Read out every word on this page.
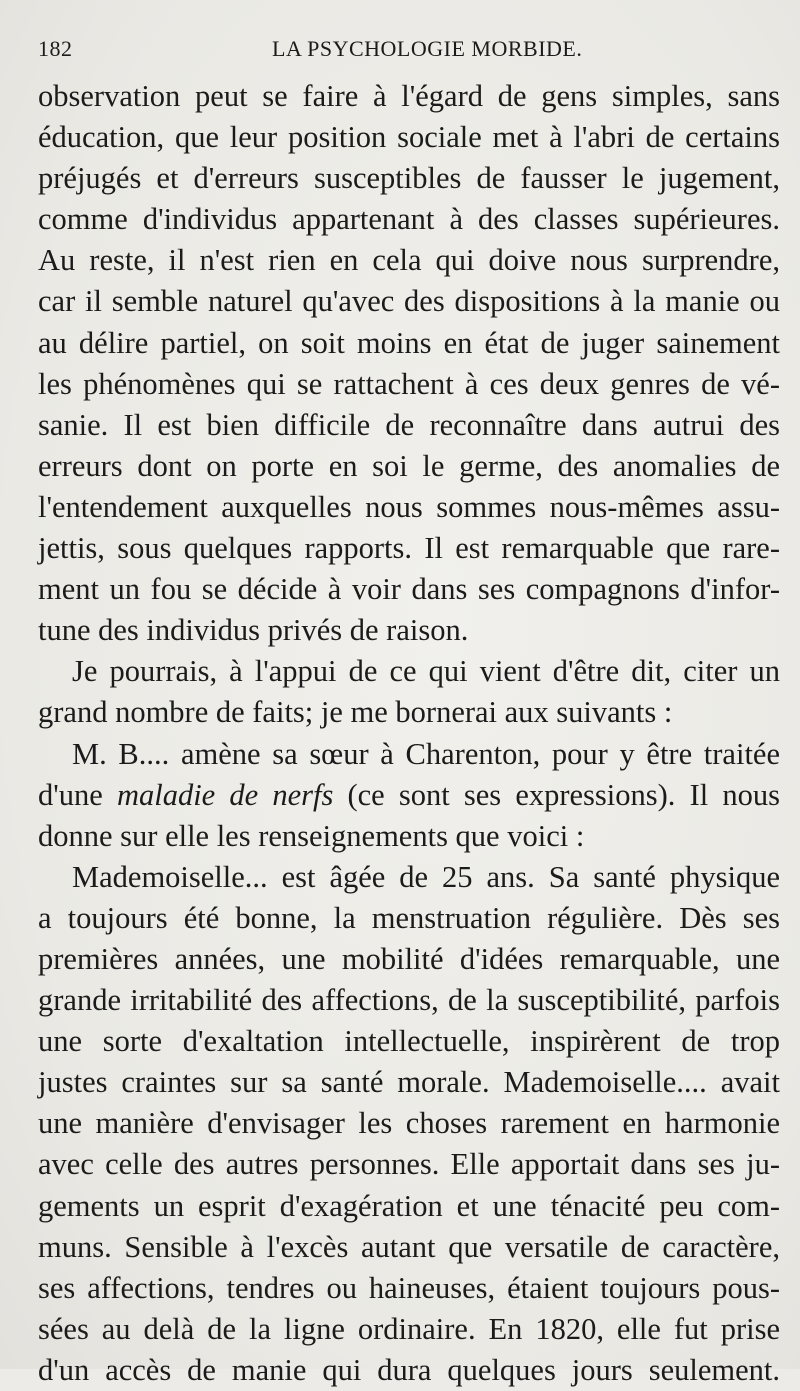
182	LA PSYCHOLOGIE MORBIDE.
observation peut se faire à l'égard de gens simples, sans
éducation, que leur position sociale met à l'abri de certains
préjugés et d'erreurs susceptibles de fausser le jugement,
comme d'individus appartenant à des classes supérieures.
Au reste, il n'est rien en cela qui doive nous surprendre,
car il semble naturel qu'avec des dispositions à la manie ou
au délire partiel, on soit moins en état de juger sainement
les phénomènes qui se rattachent à ces deux genres de vé-
sanie. Il est bien difficile de reconnaître dans autrui des
erreurs dont on porte en soi le germe, des anomalies de
l'entendement auxquelles nous sommes nous-mêmes assu-
jettis, sous quelques rapports. Il est remarquable que rare-
ment un fou se décide à voir dans ses compagnons d'infor-
tune des individus privés de raison.
Je pourrais, à l'appui de ce qui vient d'être dit, citer un
grand nombre de faits; je me bornerai aux suivants :
M. B.... amène sa sœur à Charenton, pour y être traitée
d'une maladie de nerfs (ce sont ses expressions). Il nous
donne sur elle les renseignements que voici :
Mademoiselle... est âgée de 25 ans. Sa santé physique
a toujours été bonne, la menstruation régulière. Dès ses
premières années, une mobilité d'idées remarquable, une
grande irritabilité des affections, de la susceptibilité, parfois
une sorte d'exaltation intellectuelle, inspirèrent de trop
justes craintes sur sa santé morale. Mademoiselle.... avait
une manière d'envisager les choses rarement en harmonie
avec celle des autres personnes. Elle apportait dans ses ju-
gements un esprit d'exagération et une ténacité peu com-
muns. Sensible à l'excès autant que versatile de caractère,
ses affections, tendres ou haineuses, étaient toujours pous-
sées au delà de la ligne ordinaire. En 1820, elle fut prise
d'un accès de manie qui dura quelques jours seulement.
